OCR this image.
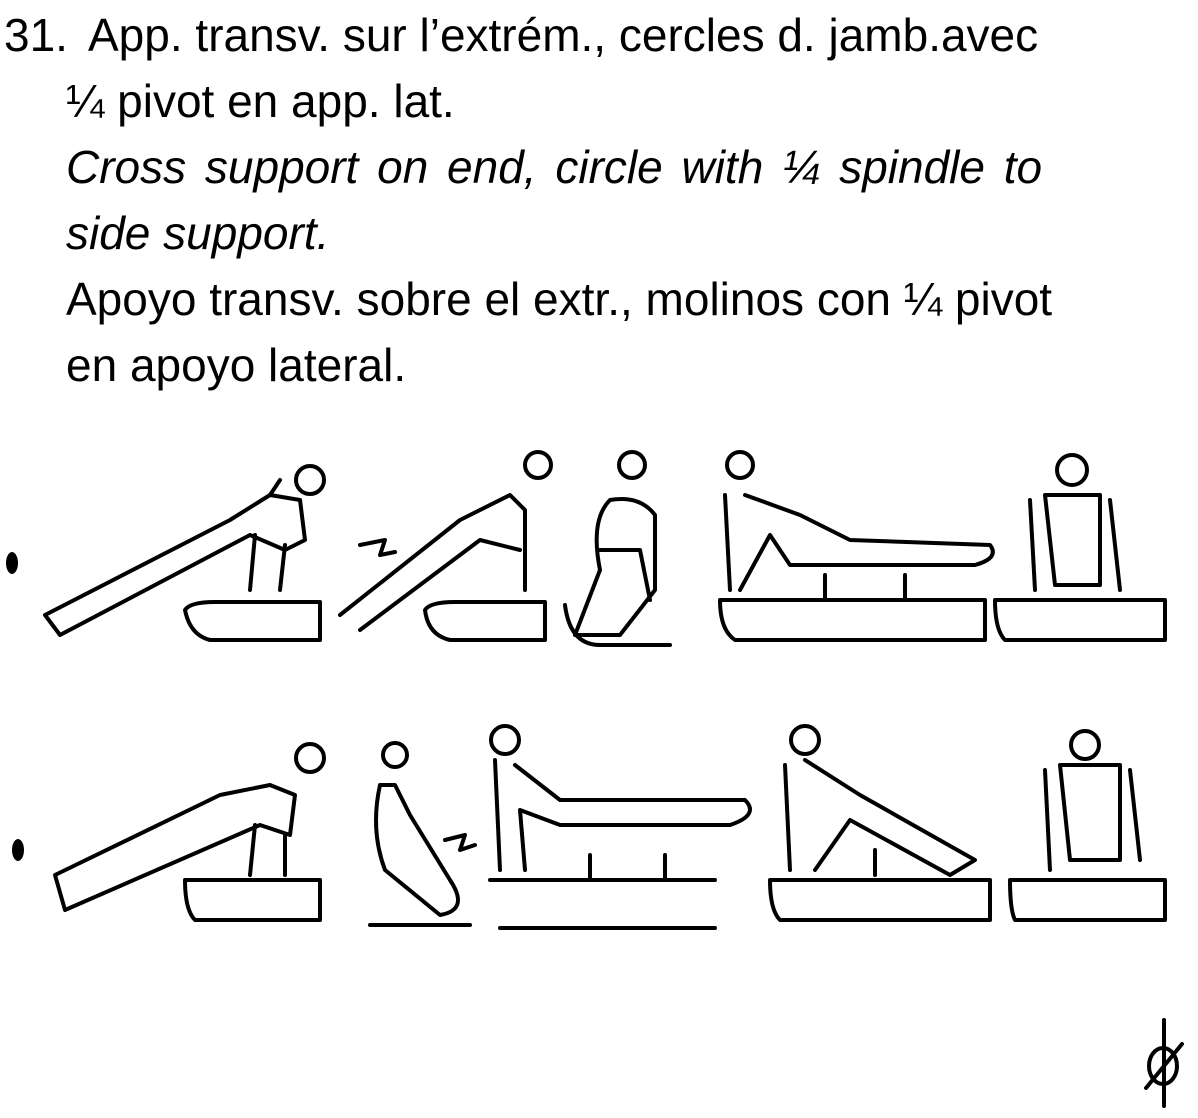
31. App. transv. sur l’extrém., cercles d. jamb.avec
¼ pivot en app. lat.
Cross support on end, circle with ¼ spindle to
side support.
Apoyo transv. sobre el extr., molinos con ¼ pivot
en apoyo lateral.
